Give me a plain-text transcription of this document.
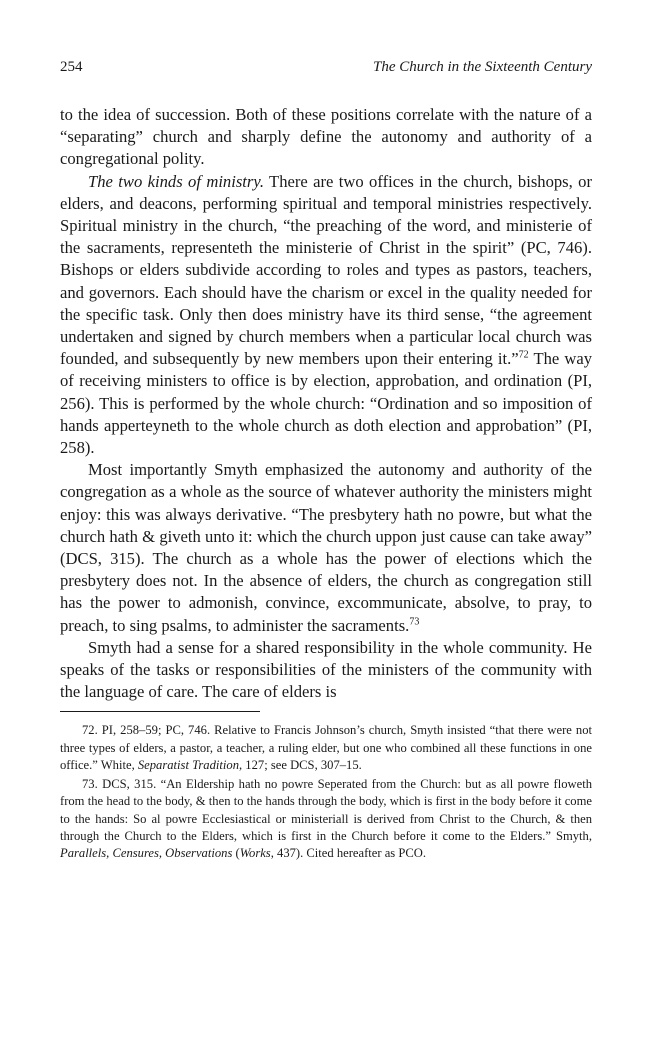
254	The Church in the Sixteenth Century

to the idea of succession. Both of these positions correlate with the nature of a “separating” church and sharply define the autonomy and authority of a congregational polity.

The two kinds of ministry. There are two offices in the church, bishops, or elders, and deacons, performing spiritual and temporal ministries respectively. Spiritual ministry in the church, “the preaching of the word, and ministerie of the sacraments, representeth the ministerie of Christ in the spirit” (PC, 746). Bishops or elders subdivide according to roles and types as pastors, teachers, and governors. Each should have the charism or excel in the quality needed for the specific task. Only then does ministry have its third sense, “the agreement undertaken and signed by church members when a particular local church was founded, and subsequently by new members upon their entering it.”$^{72}$ The way of receiving ministers to office is by election, approbation, and ordination (PI, 256). This is performed by the whole church: “Ordination and so imposition of hands apperteyneth to the whole church as doth election and approbation” (PI, 258).

Most importantly Smyth emphasized the autonomy and authority of the congregation as a whole as the source of whatever authority the ministers might enjoy: this was always derivative. “The presbytery hath no powre, but what the church hath & giveth unto it: which the church uppon just cause can take away” (DCS, 315). The church as a whole has the power of elections which the presbytery does not. In the absence of elders, the church as congregation still has the power to admonish, convince, excommunicate, absolve, to pray, to preach, to sing psalms, to administer the sacraments.$^{73}$

Smyth had a sense for a shared responsibility in the whole community. He speaks of the tasks or responsibilities of the ministers of the community with the language of care. The care of elders is

72. PI, 258–59; PC, 746. Relative to Francis Johnson’s church, Smyth insisted “that there were not three types of elders, a pastor, a teacher, a ruling elder, but one who combined all these functions in one office.” White, Separatist Tradition, 127; see DCS, 307–15.

73. DCS, 315. “An Eldership hath no powre Seperated from the Church: but as all powre floweth from the head to the body, & then to the hands through the body, which is first in the body before it come to the hands: So al powre Ecclesiastical or ministeriall is derived from Christ to the Church, & then through the Church to the Elders, which is first in the Church before it come to the Elders.” Smyth, Parallels, Censures, Observations (Works, 437). Cited hereafter as PCO.
